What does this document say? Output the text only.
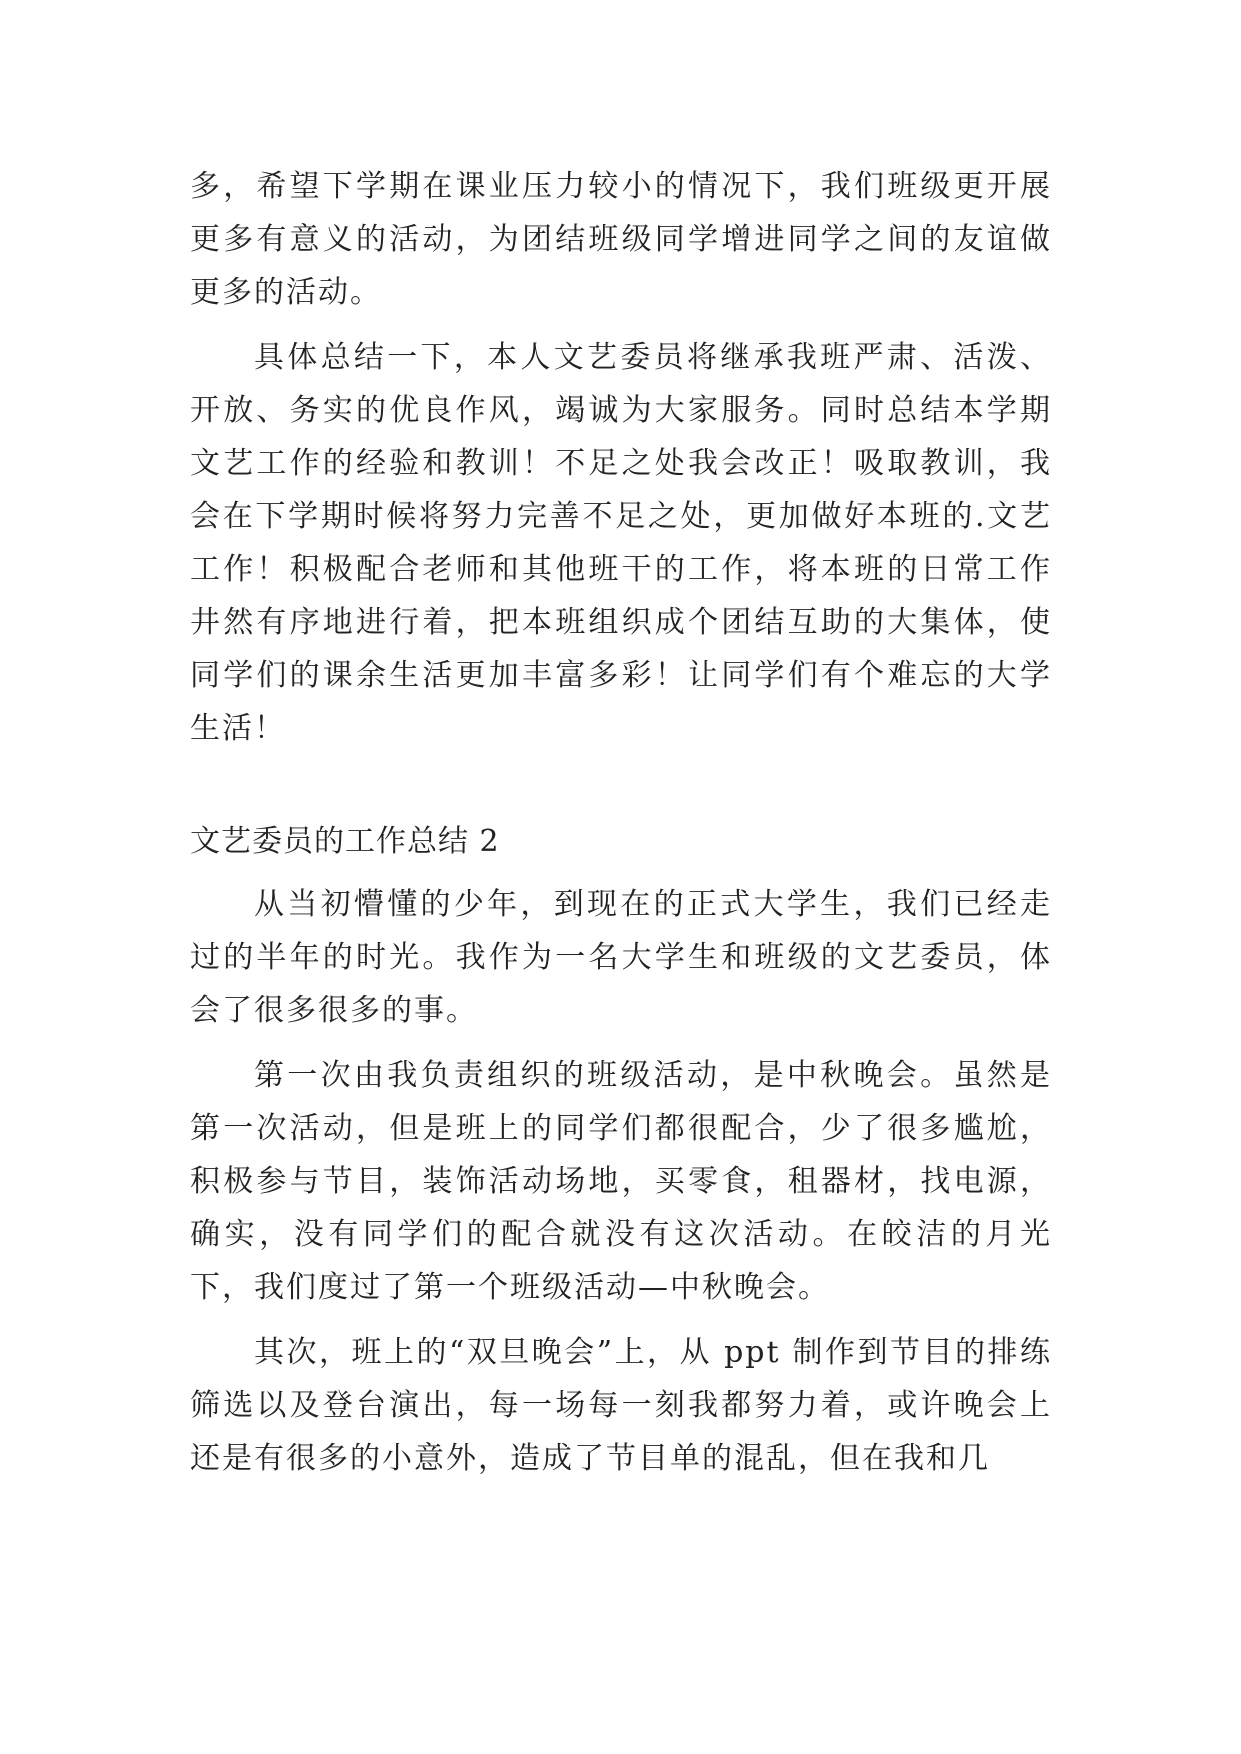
多，希望下学期在课业压力较小的情况下，我们班级更开展更多有意义的活动，为团结班级同学增进同学之间的友谊做更多的活动。

具体总结一下，本人文艺委员将继承我班严肃、活泼、开放、务实的优良作风，竭诚为大家服务。同时总结本学期文艺工作的经验和教训！不足之处我会改正！吸取教训，我会在下学期时候将努力完善不足之处，更加做好本班的.文艺工作！积极配合老师和其他班干的工作，将本班的日常工作井然有序地进行着，把本班组织成个团结互助的大集体，使同学们的课余生活更加丰富多彩！让同学们有个难忘的大学生活！

文艺委员的工作总结 2

从当初懵懂的少年，到现在的正式大学生，我们已经走过的半年的时光。我作为一名大学生和班级的文艺委员，体会了很多很多的事。

第一次由我负责组织的班级活动，是中秋晚会。虽然是第一次活动，但是班上的同学们都很配合，少了很多尴尬，积极参与节目，装饰活动场地，买零食，租器材，找电源，确实，没有同学们的配合就没有这次活动。在皎洁的月光下，我们度过了第一个班级活动—中秋晚会。

其次，班上的“双旦晚会”上，从 ppt 制作到节目的排练筛选以及登台演出，每一场每一刻我都努力着，或许晚会上还是有很多的小意外，造成了节目单的混乱，但在我和几
